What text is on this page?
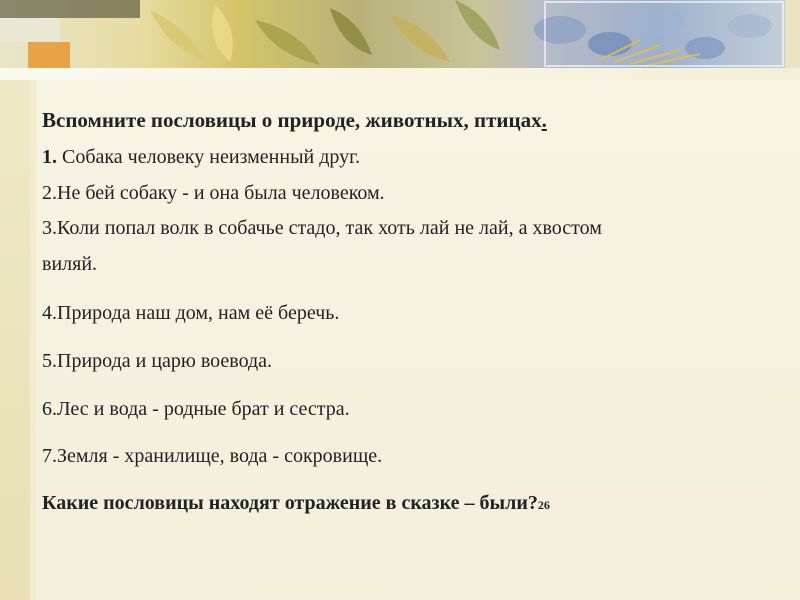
Вспомните пословицы о природе, животных, птицах.
1. Собака человеку неизменный друг.
2.Не бей собаку - и она была человеком.
3.Коли попал волк в собачье стадо, так хоть лай не лай, а хвостом
виляй.
4.Природа наш дом, нам её беречь.
5.Природа и царю воевода.
6.Лес и вода - родные брат и сестра.
7.Земля - хранилище, вода - сокровище.
Какие пословицы находят отражение в сказке – были?26
